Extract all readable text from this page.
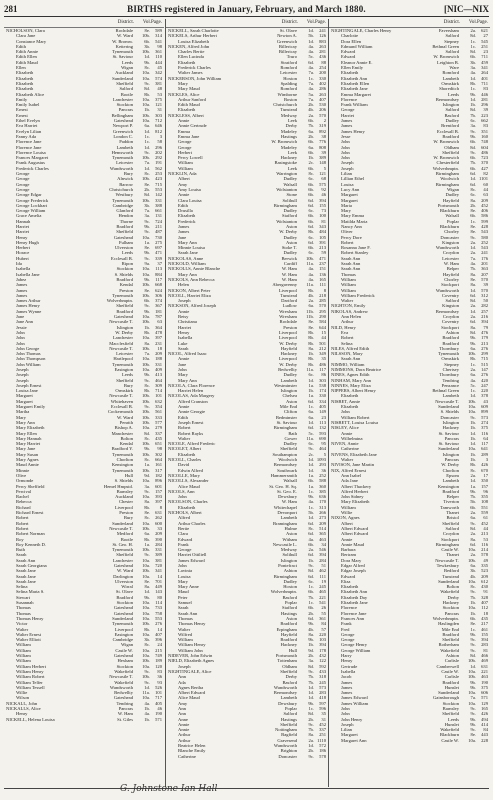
281	BIRTHS registered in January, February, and March 1880.	[NIC—NIX
District. Vol. Page.
NICHOLSON, Clara	Rochdale	8e. 589
Clara Jane	W. Ward 10b. 314
Constance Mary	W. Bromw. 6b. 541
Edith	Kettering 3b. 98
Edith Annie	Tynemouth 10b. 361
Edith Ellen	St. Saviour 1d. 110
Edith Maud	Leeds 9b. 444
Ellen	Wigan	8c. 45
Elizabeth	Auckland 10a. 342
Elizabeth	Sunderland 10a. 574
Elizabeth	Sheffield	9c. 381
Elizabeth	Salford 8d. 48
Elizabeth Alice	Bootle 8b. 53
Emily	Lanchester 10a. 375
Emily Isabel	Stockton 10a. 121
Ernest	Pancras 1b. 31
Ernest	Bellingham 10b. 303
Ethel Evelyn	Gateshead 10a. 712
Eva Harriet	Newport P.	6a. 646
Evelyn Lilian	Greenwich 1d. 812
Fanny Ada	London C.	1c. 3
Florence Jane	Paddon	1c. 58
Florence Jane	Lambeth 1d. 296
Florence Louisa	Hemsworth	9c. 202
Frances Margaret	Tynemouth 10b. 292
Frank Augustus	Leicester	7a. 191
Frederick Charles	Wandsworth 1d. 562
George	Bury	8c. 253
George	Alnwick 10b. 423
George	Barrow	8e. 715
George	Christchurch 2b. 553
George Edgar	Westbury 8d. 142
George Frederick	Tynemouth 10b. 331
George Lockhart	Cambridge 3b. 388
George William	Glanford	7a. 661
Grace Amelia	Hendon	3a. 131
Hannah	Thorne	9c. 724
Harriet	Bradford 9b. 211
Harriet	Sheffield	9c. 487
Henry	Gateshead 10a. 730
Henry Hugh	Fulham	1a. 275
Herbert	Ulverston	8e. 697
Horace	Leeds 9b. 471
Hubert	Ecclesall B.	9c. 339
Ida	Ripon	9a. 37
Isabella	Stockton 10a. 113
Isabella Jane	S. Shields 10a. 884
Jabez	Bradford 9b. 117
James	Kendal 10b. 668
James	Preston	8e. 624
James	Tynemouth 10b. 306
James Arthur	Wolverhmptn. 6b. 374
James Henry	Sheffield	9c. 367
James Wynne	Bradford 9b. 181
Jane	Gateshead 10a. 787
Jane Ann	Newcastle T. 10b. 63
Jessie	Islington 1b. 364
John	W. Derby 8b. 478
John	Lanchester 10a. 397
John	Macclesfield	8a. 231
John George	Newcastle T. 10b. 18
John Thomas	Leicester	7a. 209
John Thompson	Hartlepool 10a. 188
John William	Tynemouth 10b. 331
Joseph	Easington 10a. 409
Joseph	Leeds 9b. 413
Joseph	Sheffield	9c. 464
Joseph Ernest	Bury	8c. 309
Louisa Jane	Ormskirk 8b. 714
Margaret	Newcastle T. 10b. 101
Margaret	Whitehaven 10b. 632
Margaret Emily	Ecclesall B.	9c. 354
Martha	Cockermouth 10b. 561
Mary	W. Ward 10b. 333
Mary Ann	Penrith 10b. 577
Mary Elizabeth	Bishop A. 10a. 279
Mary Ellen	Manchester 8d. 337
Mary Hannah	Bolton	8c. 435
Mary Harriet	Kendal 10b. 651
Mary Jane	Bradford Y. 9b. 98
Mary Susan	Tynemouth 10b. 302
Mary Agnes	Chorlton	8c. 664
Maud Annie	Kensington	1a. 161
Minnie	Tynemouth 10b. 317
Olive	Hull 9d. 182
Ormonde	S. Shields 10a. 896
Percy Sheffield	Hemel Hmpstd.	3a. 601
Percival	Barnsley	9c. 157
Rachel	Auckland 10a. 393
Rebecca	Chester	8a. 397
Richard	Liverpool 8b. 8
Richard Ernest	Preston	8e. 631
Robert	Bury	8c. 262
Robert	Sunderland 10a. 600
Robert	Newcastle T. 10b. 33
Robert Norman	Medford	6a. 209
Roy	Bootle 8b. 390
Roy Kenneth D.	St. Geo. H.	1a. 284
Ruth	Tynemouth 10b. 331
Sarah	Sheffield	9c. 389
Sarah Ann	Lanchester 10a. 381
Sarah Georgiana	Gateshead 10a. 720
Sarah Jane	W. Ward 10b. 341
Sarah Jane	Darlington 10a. 14
Sarah Jane	Ulverston	8e. 701
Selina	Wirral	8a. 449
Selina Maria S.	St. Olave 1d. 143
Stewart	Bradford 9b. 80
Susannah	Stockton 10a. 114
Thomas	Gateshead 10a. 733
Thomas	Gateshead 10a. 758
Thomas Henry	Sunderland 10a. 553
Victor	Tynemouth 10b. 276
Walter	Liverpool 8b. 14
Walter Ernest	Easington 10a. 407
Walter Elliott	Cambridge 3b. 396
William	Wigan	8c. 24
William	Castle W. 10a. 215
William	Gateshead 10a. 749
William	Hexham 10b. 189
William Herbert	Stockton 10a. 120
William Henry	Wakefield	9c. 83
William Robert	Newcastle T. 10b. 36
William Telfer	Wakefield	9c. 93
William Tessell	Wandsworth 1d. 526
Willie	Bedwellty 11a. 101
Wilson	Gateshead 10a. 717
NICKALL, John	Tendring	4a. 405
NICKALLS, Alice	Pancras 1b. 46
Henry	W. Ham	4a. 190
NICKELL, Helena Louisa	St. Giles 1b. 571
District. Vol. Page.
NICKELL, Sarah Charlotte	St. Olave 1d. 241
NICKELS, Arthur Herbert	Newton A. 5b. 126
Louisa Elizabeth	Greenwich 1d. 883
NICKEN, Alfred John	Billericay	4a. 263
Charles Bertie	Billericay	4a. 281
Ellen Lucinda	Truro	5c. 436
Elizabeth	Stratford 6d. 88
Frederick Charles	Romford	4a. 254
Walter James	Leicester	7a. 200
NICKERSON, John William	Hoxton	1c. 330
Mary	Spalding	7a. 402
Mary Maud	Romford	4a. 286
NICKLES, Alice	Wimborne	5a. 263
Arthur Sanford	Boston	7a. 407
Edith Maud	Christchurch 2b. 530
Elizabeth	Tunstead 4b. 206
NICKLESS, Albert	Medway	2a. 570
Annie	Leek 6b. 2
Annie Gertrude	Derby 7b. 319
Emma	Madeley	6a. 892
Emma Jane	Hastings 2b. 38
George	W. Bromwich 6b. 776
George	Madeley	6a. 808
Herbert	Leek 6b. 39
Percy Lowell	Hackney 1b. 389
William	Basingstoke	2c. 148
William	Leek 6b. 5
NICKLIN, Ada	Warrington	8c. 121
Albert	Dudley	6c. 68
Amy	Walsall 6b. 575
Amy Louisa	Wolstanton 6b. 92
Annie	Stone 6b. 46
Clara Louisa	Solihull 6d. 394
Edith	Birmingham 6d. 155
Drusilla	Dudley	6c. 73
Elizabeth	Stafford 6b. 100
Frederick	Wolstanton 6b. 81
James	Aston 6d. 343
James	W. Derby 8b. 484
Jane	Dudley	6c. 105
Mary Ann	Aston 6d. 391
Minnie Louisa	Stoke T. 6b. 213
Sarah Jane	Dudley	6c. 59
NICKOLAS, Anne	Berwick 10b. 471
NICKOLD, William	Cardiff 11a. 237
NICKOLLS, Annie Blanche	W. Ham	4a. 151
Mary Ann	W. Ham	4a. 136
NICKOLS, Ann Rebecca	W. Ham	4a. 165
Helen	Abergavenny 11a. 111
NICKON, Albert Peter	Liverpool 8b. 8
NICOLL, Harriet Eliza	Tunstead 4b. 218
Joseph	Dartford	2a. 285
NICKSON, Alfred Joseph	Ludlow	6a. 570
Annie	Wrexham 11b. 295
Betsy	Wrexham 11b. 290
Christiana	Rochdale	8e. 584
Harriet	Preston	8e. 644
Henry	Liverpool 8b. 15
Isabella	Liverpool 8b. 44
Luke	W. Derby 8b. 501
Sarah	Hayfield	8a. 212
NICOL, Alfred Isaac	Hackney 1b. 349
Annie	Liverpool 8b. 35
Jane	W. Derby 8b. 486
John	Bedwellty 11a. 117
Mary	Dudley	6c. 86
Mary Ann	Lambeth 1d. 303
NICOLA, Clara Florence	Westminster	1a. 538
Harriet Helen	Islington 1b. 174
NICOLAS, Ada Margery	Chelsea	1a. 330
Alfred Cranston	Aston 6d. 334
Annie	Mile End	1c. 405
Annie Georgie	Clifton	6a. 149
Edith	Bedminster	6a. 23
Joseph Ernest	St. Saviour 1d. 113
Robert	Birmingham 6d. 132
Robert Rayks	Bath	5c. 593
Walter	Gower 11a. 690
NICOLE, Alfred Frederic	Dudley	6c. 95
NICOLET, Albert	Sheffield	9c. 464
Elizabeth	Southampton	2c. 5
NICOLL, Charles	Woolwich 1d. 1093
David	Bermondsey 1d. 293
Edwin Alfred	Southwark 1d. 36
NICOLLE, Mary	Hammersmith	1a. 252
NICOLLS, Alexander	Walsall 6b. 588
Alice Maud	St. Geo. H. Sq.	1a. 360
NICOLS, Ann	St. Geo. E.	1c. 385
John	Dewsbury 9b. 636
NICOLSON, Charles	W. Ham	4a. 170
Elizabeth	Whitechapel	1c. 313
NICHOLS, Albert	Devonport 5b. 266
Alfred	Lambeth 1d. 273
Arthur Charles	Bramingham 6d. 209
Bertie	Hulme	8c. 514
Clara	Aston 6d. 365
Edward	Witham	4a. 463
Frank	Newcastle L. 6b. 34
George	Medway	2a. 546
Harriet Ottiliell	Solihull 6d. 394
James Edward	Islington 1b. 284
John	Pontefract	9c. 51
Lavinia	Ashton 8d. 462
Louisa	Birmingham 6d. 111
Mary	Dudley	6c. 19
Mary Anne	Hoxton	1c. 245
Maud	Wolverhmptn. 6b. 465
Peter	Basford 7b. 221
Samuel	Poplar	1c. 541
Sarah	Stafford 6b. 26
Sarah Ann	Hastings 2b. 55
Thomas	Aston 6d. 361
Thomas Henry	Bradford 9b. 84
Walter	Erpingham 4b. 57
Wilfred	Hayfield	8a. 220
William	Bradford 9b. 103
William Henry	Hackney 1b. 394
William John	Hull 9d. 178
NIDEVER, John Edwin	Portsmouth 2b. 432
NIELD, Elizabeth Agnes	Tottenham	3a. 122
Joseph	Oldham 8d. 592
NIGHTINGALE, Alice	Sheffield	9c. 433
Ann	Derby 7b. 318
Ada	Basford 7b. 245
Agnes Bertha	Wandsworth 1d. 573
Albert Edward	Bermondsey 1d. 283
Alice Maud	Lambeth 1d. 418
Amy	Dewsbury 9b. 597
Ann	Poplar	1c. 596
Ann	Salford 8d. 35
Anne	Hastings 2b. 31
Annie	Sheffield	9c. 452
Annie	Nottingham 7b. 337
Arthur	Bagfield	8a. 251
Arthur	Gravesend	2a. 1110
Beatrice Helen	Wandsworth 1d. 572
Blanche Emily	Brighton 2b. 186
Catherine	Doncaster	9c. 578
District. Vol. Page.
NIGHTINGALE, Charles Henry	Faversham	2a. 621
Charlotte	Salford 8d. 27
Dora Ellen	Stepney	1c. 545
Edmund William	Bethnal Green	1c. 251
Edward	Salford 8d. 23
Edward	W. Bromwich 6b. 711
Eleanor Annie E.	Leighton B. 3b. 459
Ellen Emily	Ware	3a. 341
Elizabeth	Romford	4a. 264
Elizabeth Ann	Lambeth 1d. 401
Elizabeth Ellen	Ormskirk 8b. 711
Elizabeth Jane	Shoreditch	1c. 83
Emma Margaret	Leeds 9b. 446
Florence	Bermondsey 1d. 281
Frank William	Islington 1b. 296
George	Salford 8d. 39
Harriet	Basford 7b. 223
James	Dudley	6c. 662
James	Brentford	3a. 83
James Henry	Ecclesall B.	9c. 351
Jesse	Bradford 9b. 160
John	W. Bromwich 6b. 748
John	Oldham 8d. 604
John	Sheffield	9c. 486
John	W. Bromwich 6b. 723
Joseph	Chesterfield 7b. 370
Joseph	Wolverhmptn. 6b. 427
Lilian	Birmingham 6d. 82
Lillian Ethel	Woolwich 1d. 1101
Louisa	Birmingham 6d. 60
Lucy Ann	Wigan	8c. 44
Margaret	Dudley	6c. 63
Margaret	Hayfield	8a. 209
Maria	Portsmouth 2b. 452
Mary	Blackburn	8e. 406
Mary Emma	Walsall 6b. 586
Matilda Maria	Poplar	1c. 599
Nancy Ann	Blackburn	8e. 428
Oliver	Chorley	8e. 543
Percy Dore	Doncaster	9c. 580
Robert	Kingston	2a. 252
Rosanna Jane F.	Wandsworth 1d. 543
Robert Stanley	Croydon	2a. 241
Sarah Ann	Leicester	7a. 176
Sarah Ann	W. Ham	4a. 201
Sarah Ann	Belper 7b. 363
Thomas	Hayfield	8a. 207
William	Chorley	8e. 570
William	Stockport	8a. 39
William	Wandsworth 1d. 570
William Frederick	Coventry 6d. 312
Walter	Salford 8d. 50
NIGHTON, Emily	Kingston	2a. 282
NIKOLAS, Andrew	Bermondsey 1d. 257
Ann Helen	Croydon	2a. 216
Arthur	Coventry 6d. 394
NILD, Henry	Stockport	8a. 79
Eva	Ashton 8d. 476
Robert	Bradford 9b. 179
Selina	Bradford 9b. 213
NILES, Alfred Edith	Thornbury	6a. 276
NILSSON, Mary	Tynemouth 10b. 299
Sarah Ann	Ormskirk 8b. 715
NIMMO, William	Stepney	1c. 515
NIMMONS, Dora Beatrice	Chertsey	2a. 147
NINES, Agnes Edith	Thornbury	6a. 276
NINHAM, Mary Ann	Tendring	4a. 420
NINNES, Mary Eliza	Penzance	5c. 247
NIPPERS, Albert Henry	Bethnal Green	1c. 220
Elizabeth	Lambeth 1d. 378
NISBET, Annie	Newcastle T. 10b. 43
Elizabeth	Sunderland 10a. 609
John	S. Shields 10a. 899
William Robert	Doncaster	9c. 573
NISBETT, Louisa Louisa	Islington 1b. 274
NISLEY, Alice	Hackney 1b. 375
Annie	St. Saviour 1d. 116
Wilhelmina	Pancras 1b. 64
NIVEN, Annie	St. Saviour 1d. 117
Catherine	Sunderland 10a. 641
NIVENS, Elizabeth Jane	Islington 1b. 289
Walter	Pancras 1b. 3
NIVISON, Jane Martin	W. Derby 8b. 426
NIX, Alfred Ernest	Chorlton	8c. 670
Ann Isabel	Epsom	2a. 17
Ada Jane	Lambeth 1d. 350
Albert Thackery	Kensington	1a. 157
Alfred Herbert	Bradford 9b. 96
John Sidney	Belper 7b. 355
Mary Elizabeth	Tiverton 5b. 108
William	Tamworth 6b. 551
Willie	Thanet	2a. 559
NIXON, Agnes	Bristol	6a. 61
Albert	Sheffield	9c. 452
Albert Edward	Salford 8d. 44
Albert Edward	Croydon	2a. 213
Annie	Stockport	8a. 53
Annie Maud	Birmingham 6d. 116
Barbara	Castle W. 10a. 214
Bertram	Thanet	2a. 578
Dora Mary	Newcastle T. 10b. 49
Edgar Alfred	Tewkesbury	6a. 335
Edgar Joseph	Bedford 3b. 523
Edward	Tunstead 4b. 209
Eliza	Sunderland 10a. 612
Elizabeth	Bolton	8c. 430
Elizabeth Ann	Wakefield	9c. 91
Elizabeth Day	Derby 7b. 328
Elizabeth Jane	Hackney 1b. 407
Florence	Stockton 10a. 112
Florence Jane	Pancras 1b. 18
Frances Ann	Wolverhmptn. 6b. 435
Frank	Haslingden	8e. 217
Fred	Mile End	1c. 461
George	Bradford 9b. 155
George	Sheffield	9c. 394
George Henry	Rotherham	9c. 283
George William	Wakefield	9c. 81
Harry	Ashton 8d. 466
Henry	Carlisle 10b. 469
Gertrude	Camberwell 1d. 631
Isabella	Castle W. 10a. 221
Jacob	Carlisle 10b. 463
James	Bradford 9b. 190
James	Hunslet 9b. 375
James	Sunderland 10a. 606
James Edward	Gainsborough	7a. 571
James William	Stockton 10a. 129
John	Barnsley	9c. 165
John	Sheffield	9c. 426
John Henry	Leeds 9b. 494
Joseph	Hunslet 9b. 414
Lilian	Wakefield	9c. 84
Margaret	Blackburn	8e. 443
Margaret Ann	Castle W. 10a. 228
G. Johnstone Ian Hall
